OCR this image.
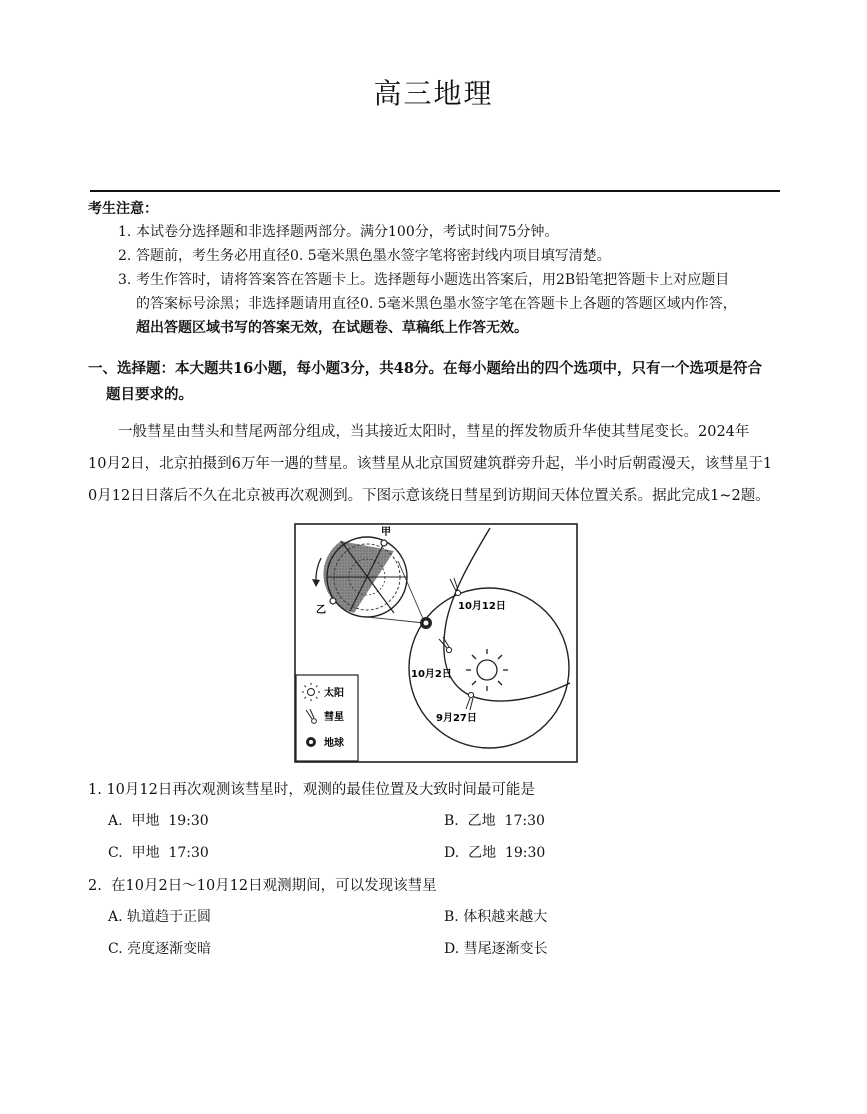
高三地理
考生注意：
1. 本试卷分选择题和非选择题两部分。满分100分，考试时间75分钟。
2. 答题前，考生务必用直径0. 5毫米黑色墨水签字笔将密封线内项目填写清楚。
3. 考生作答时，请将答案答在答题卡上。选择题每小题选出答案后，用2B铅笔把答题卡上对应题目
的答案标号涂黑；非选择题请用直径0. 5毫米黑色墨水签字笔在答题卡上各题的答题区域内作答，
超出答题区域书写的答案无效，在试题卷、草稿纸上作答无效。
一、选择题：本大题共16小题，每小题3分，共48分。在每小题给出的四个选项中，只有一个选项是符合
题目要求的。

一般彗星由彗头和彗尾两部分组成，当其接近太阳时，彗星的挥发物质升华使其彗尾变长。2024年

10月2日，北京拍摄到6万年一遇的彗星。该彗星从北京国贸建筑群旁升起，半小时后朝霞漫天，该彗星于1
0月12日日落后不久在北京被再次观测到。下图示意该绕日彗星到访期间天体位置关系。据此完成1~2题。
甲
乙	10月12日
10月2日
9月27日
太阳
彗星
地球
1. 10月12日再次观测该彗星时，观测的最佳位置及大致时间最可能是
A. 甲地  19:30	B. 乙地  17:30
C. 甲地  17:30	D. 乙地  19:30
2.  在10月2日～10月12日观测期间，可以发现该彗星
A. 轨道趋于正圆	B. 体积越来越大
C. 亮度逐渐变暗	D. 彗尾逐渐变长
